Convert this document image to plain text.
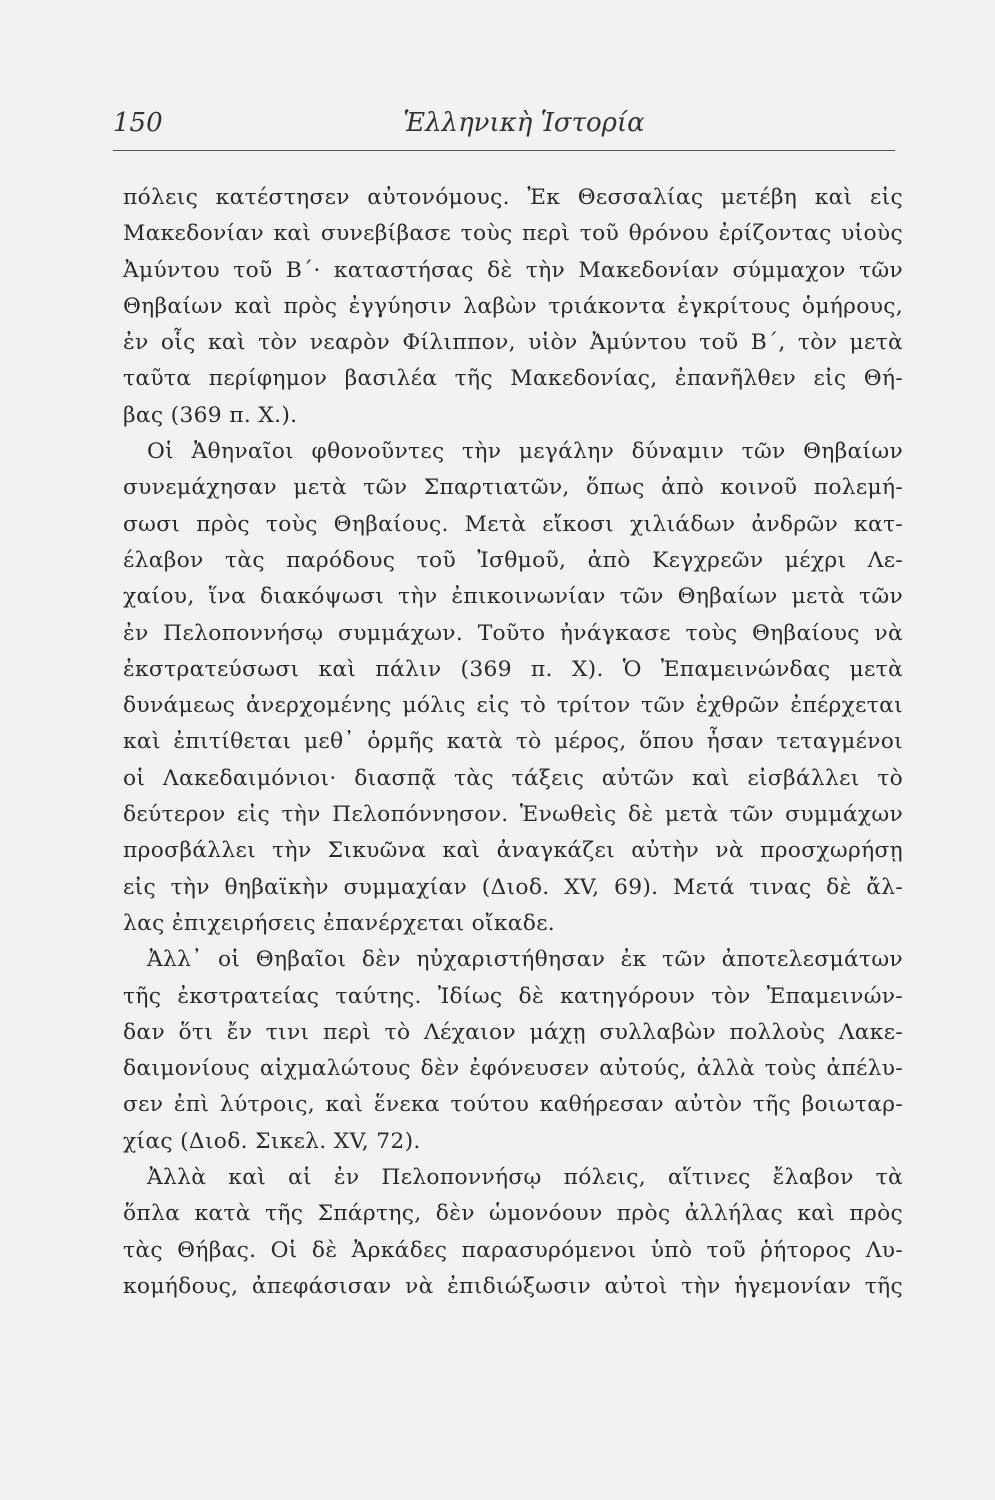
150	Ἑλληνικὴ Ἱστορία
πόλεις κατέστησεν αὐτονόμους. Ἐκ Θεσσαλίας μετέβη καὶ εἰς
Μακεδονίαν καὶ συνεβίβασε τοὺς περὶ τοῦ θρόνου ἐρίζοντας υἱοὺς
Ἀμύντου τοῦ Β΄· καταστήσας δὲ τὴν Μακεδονίαν σύμμαχον τῶν
Θηβαίων καὶ πρὸς ἐγγύησιν λαβὼν τριάκοντα ἐγκρίτους ὁμήρους,
ἐν οἷς καὶ τὸν νεαρὸν Φίλιππον, υἱὸν Ἀμύντου τοῦ Β΄, τὸν μετὰ
ταῦτα περίφημον βασιλέα τῆς Μακεδονίας, ἐπανῆλθεν εἰς Θή-
βας (369 π. Χ.).
Οἱ Ἀθηναῖοι φθονοῦντες τὴν μεγάλην δύναμιν τῶν Θηβαίων
συνεμάχησαν μετὰ τῶν Σπαρτιατῶν, ὅπως ἀπὸ κοινοῦ πολεμή-
σωσι πρὸς τοὺς Θηβαίους. Μετὰ εἴκοσι χιλιάδων ἀνδρῶν κατ-
έλαβον τὰς παρόδους τοῦ Ἰσθμοῦ, ἀπὸ Κεγχρεῶν μέχρι Λε-
χαίου, ἵνα διακόψωσι τὴν ἐπικοινωνίαν τῶν Θηβαίων μετὰ τῶν
ἐν Πελοποννήσῳ συμμάχων. Τοῦτο ἠνάγκασε τοὺς Θηβαίους νὰ
ἐκστρατεύσωσι καὶ πάλιν (369 π. Χ). Ὁ Ἐπαμεινώνδας μετὰ
δυνάμεως ἀνερχομένης μόλις εἰς τὸ τρίτον τῶν ἐχθρῶν ἐπέρχεται
καὶ ἐπιτίθεται μεθ᾽ ὁρμῆς κατὰ τὸ μέρος, ὅπου ἦσαν τεταγμένοι
οἱ Λακεδαιμόνιοι· διασπᾷ τὰς τάξεις αὐτῶν καὶ εἰσβάλλει τὸ
δεύτερον εἰς τὴν Πελοπόννησον. Ἑνωθεὶς δὲ μετὰ τῶν συμμάχων
προσβάλλει τὴν Σικυῶνα καὶ ἀναγκάζει αὐτὴν νὰ προσχωρήσῃ
εἰς τὴν θηβαϊκὴν συμμαχίαν (Διοδ. XV, 69). Μετά τινας δὲ ἄλ-
λας ἐπιχειρήσεις ἐπανέρχεται οἴκαδε.
Ἀλλ᾽ οἱ Θηβαῖοι δὲν ηὐχαριστήθησαν ἐκ τῶν ἀποτελεσμάτων
τῆς ἐκστρατείας ταύτης. Ἰδίως δὲ κατηγόρουν τὸν Ἐπαμεινών-
δαν ὅτι ἔν τινι περὶ τὸ Λέχαιον μάχῃ συλλαβὼν πολλοὺς Λακε-
δαιμονίους αἰχμαλώτους δὲν ἐφόνευσεν αὐτούς, ἀλλὰ τοὺς ἀπέλυ-
σεν ἐπὶ λύτροις, καὶ ἕνεκα τούτου καθήρεσαν αὐτὸν τῆς βοιωταρ-
χίας (Διοδ. Σικελ. XV, 72).
Ἀλλὰ καὶ αἱ ἐν Πελοποννήσῳ πόλεις, αἵτινες ἔλαβον τὰ
ὅπλα κατὰ τῆς Σπάρτης, δὲν ὡμονόουν πρὸς ἀλλήλας καὶ πρὸς
τὰς Θήβας. Οἱ δὲ Ἀρκάδες παρασυρόμενοι ὑπὸ τοῦ ῥήτορος Λυ-
κομήδους, ἀπεφάσισαν νὰ ἐπιδιώξωσιν αὐτοὶ τὴν ἡγεμονίαν τῆς
